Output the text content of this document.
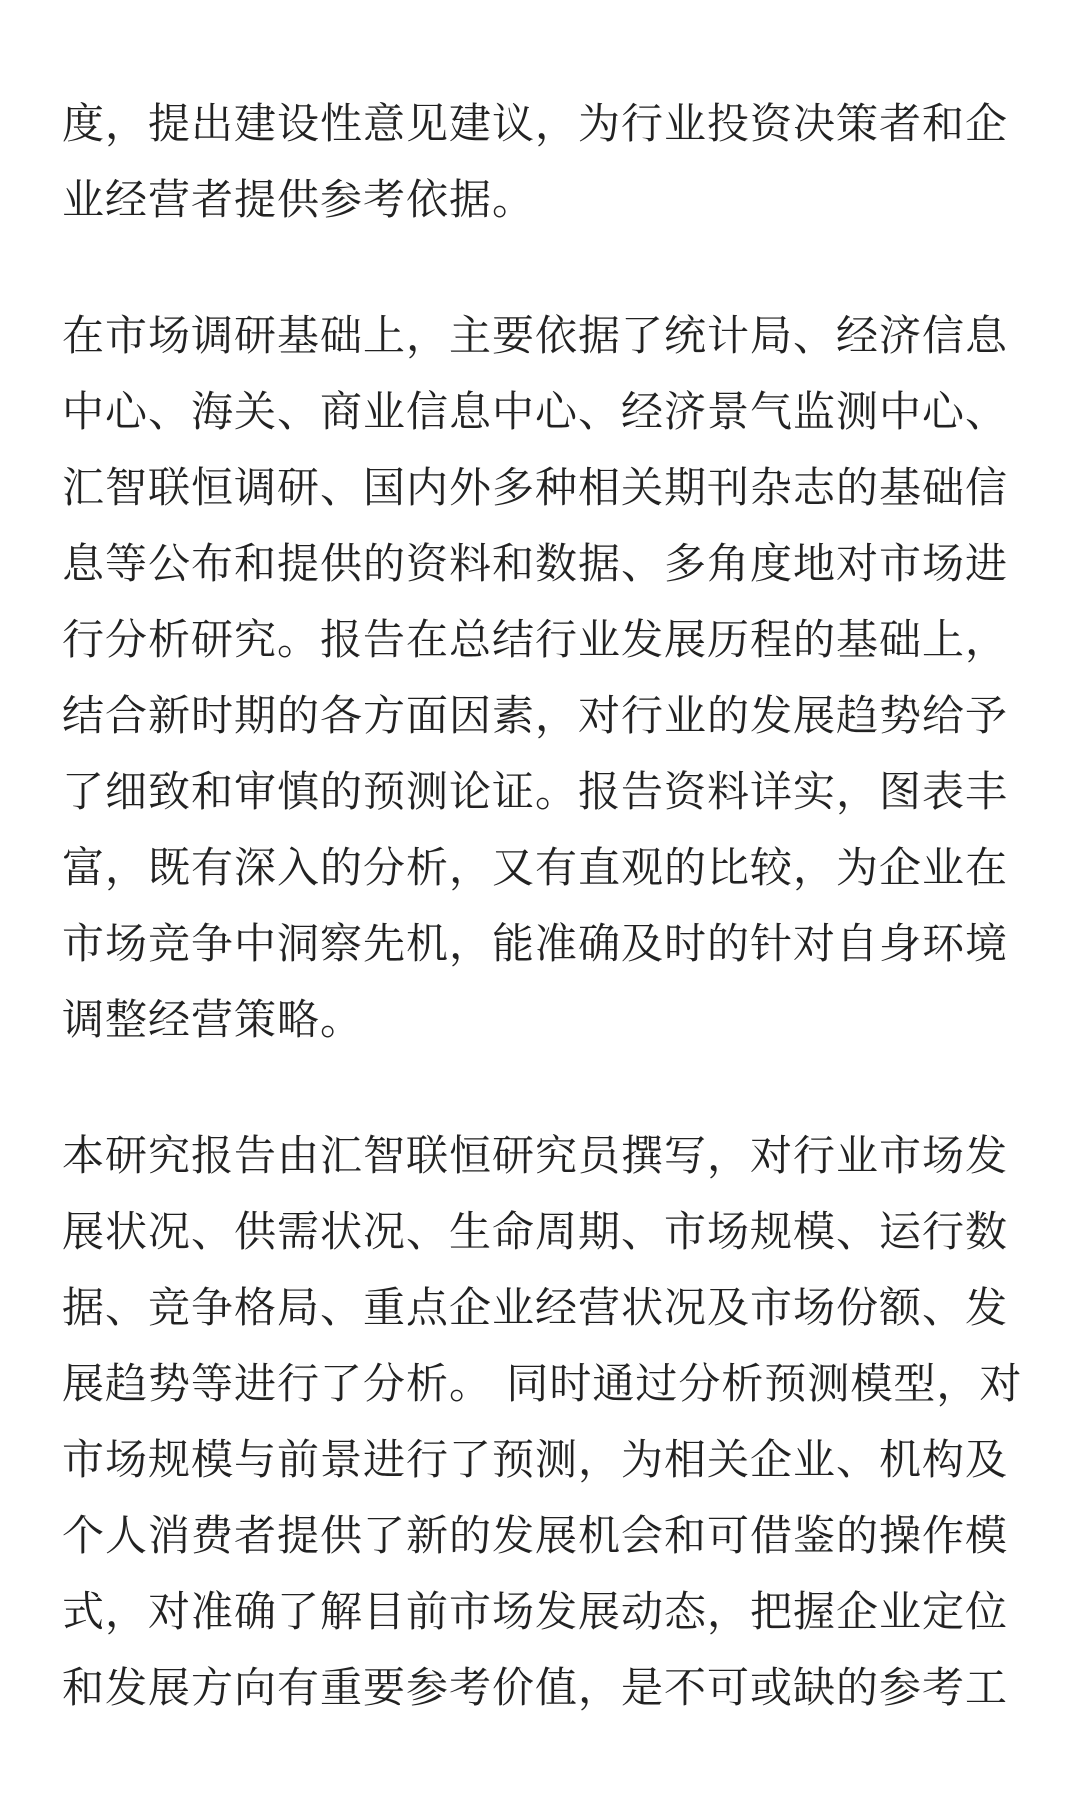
度，提出建设性意见建议，为行业投资决策者和企
业经营者提供参考依据。

在市场调研基础上，主要依据了统计局、经济信息
中心、海关、商业信息中心、经济景气监测中心、
汇智联恒调研、国内外多种相关期刊杂志的基础信
息等公布和提供的资料和数据、多角度地对市场进
行分析研究。报告在总结行业发展历程的基础上，
结合新时期的各方面因素，对行业的发展趋势给予
了细致和审慎的预测论证。报告资料详实，图表丰
富，既有深入的分析，又有直观的比较，为企业在
市场竞争中洞察先机，能准确及时的针对自身环境
调整经营策略。

本研究报告由汇智联恒研究员撰写，对行业市场发
展状况、供需状况、生命周期、市场规模、运行数
据、竞争格局、重点企业经营状况及市场份额、发
展趋势等进行了分析。 同时通过分析预测模型，对
市场规模与前景进行了预测，为相关企业、机构及
个人消费者提供了新的发展机会和可借鉴的操作模
式，对准确了解目前市场发展动态，把握企业定位
和发展方向有重要参考价值，是不可或缺的参考工
